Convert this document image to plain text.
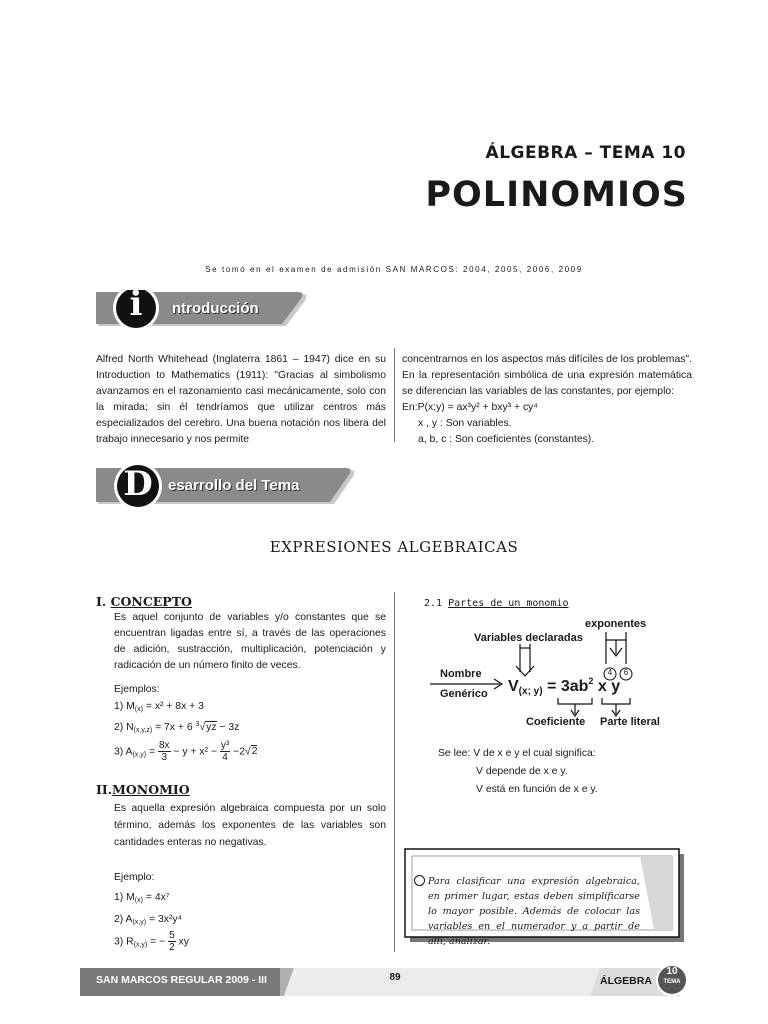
ÁLGEBRA – TEMA 10
POLINOMIOS
Se tomó en el examen de admisión SAN MARCOS: 2004, 2005, 2006, 2009
i	ntroducción
Alfred North Whitehead (Inglaterra 1861 – 1947) dice en su Introduction to Mathematics (1911): "Gracias al simbolismo avanzamos en el razonamiento casi mecánicamente, solo con la mirada; sin él tendríamos que utilizar centros más especializados del cerebro. Una buena notación nos libera del trabajo innecesario y nos permite
concentrarnos en los aspectos más difíciles de los problemas". En la representación simbólica de una expresión matemática se diferencian las variables de las constantes, por ejemplo:
En:P(x;y) = ax³y² + bxy³ + cy⁴
x , y : Son variables.
a, b, c : Son coeficientes (constantes).
D esarrollo del Tema
EXPRESIONES ALGEBRAICAS
I. CONCEPTO
Es aquel conjunto de variables y/o constantes que se encuentran ligadas entre sí, a través de las operaciones de adición, sustracción, multiplicación, potenciación y radicación de un número finito de veces.
Ejemplos:
1) $M_{(x)} = x^2 + 8x + 3$
2) $N_{(x,y,z)} = 7x + 6$ $^3$√yz − 3z
3) $A_{(x,y)} = \frac{8x}{3} - y + x^2 - \frac{\text{y³}}{4} -2√2$
II.MONOMIO
Es aquella expresión algebraica compuesta por un solo término, además los exponentes de las variables son cantidades enteras no negativas.
Ejemplo:
1) $M_{(x)} = 4x^7$
2) $A_{(x,y)} = 3x^2y^4$
3) $R_{(x,y)}$ = − $\frac{5}{2}$ xy
2.1 Partes de un monomio
exponentes
Variables declaradas
Nombre
Genérico V(x; $y) = 3ab^2$ x y
4 6
Coeficiente Parte literal
Se lee: V de x e y el cual significa:
V depende de x e y.
V está en función de x e y.
Para clasificar una expresión algebraica, en primer lugar, estas deben simplificarse lo mayor posible. Además de colocar las variables en el numerador y a partir de allí, analizar.
SAN MARCOS REGULAR 2009 - III	89	ÁLGEBRA
10
TEMA
